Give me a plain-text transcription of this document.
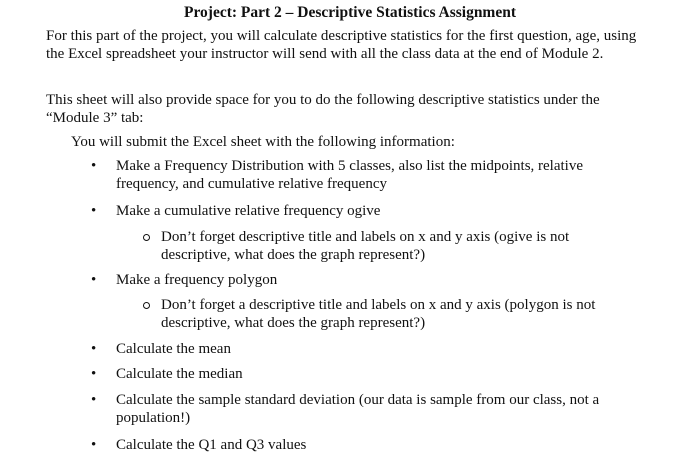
Project: Part 2 – Descriptive Statistics Assignment
For this part of the project, you will calculate descriptive statistics for the first question, age, using the Excel spreadsheet your instructor will send with all the class data at the end of Module 2.
This sheet will also provide space for you to do the following descriptive statistics under the “Module 3” tab:
You will submit the Excel sheet with the following information:
• Make a Frequency Distribution with 5 classes, also list the midpoints, relative frequency, and cumulative relative frequency
• Make a cumulative relative frequency ogive
Don’t forget descriptive title and labels on x and y axis (ogive is not descriptive, what does the graph represent?)
• Make a frequency polygon
Don’t forget a descriptive title and labels on x and y axis (polygon is not descriptive, what does the graph represent?)
• Calculate the mean
• Calculate the median
• Calculate the sample standard deviation (our data is sample from our class, not a population!)
• Calculate the Q1 and Q3 values
